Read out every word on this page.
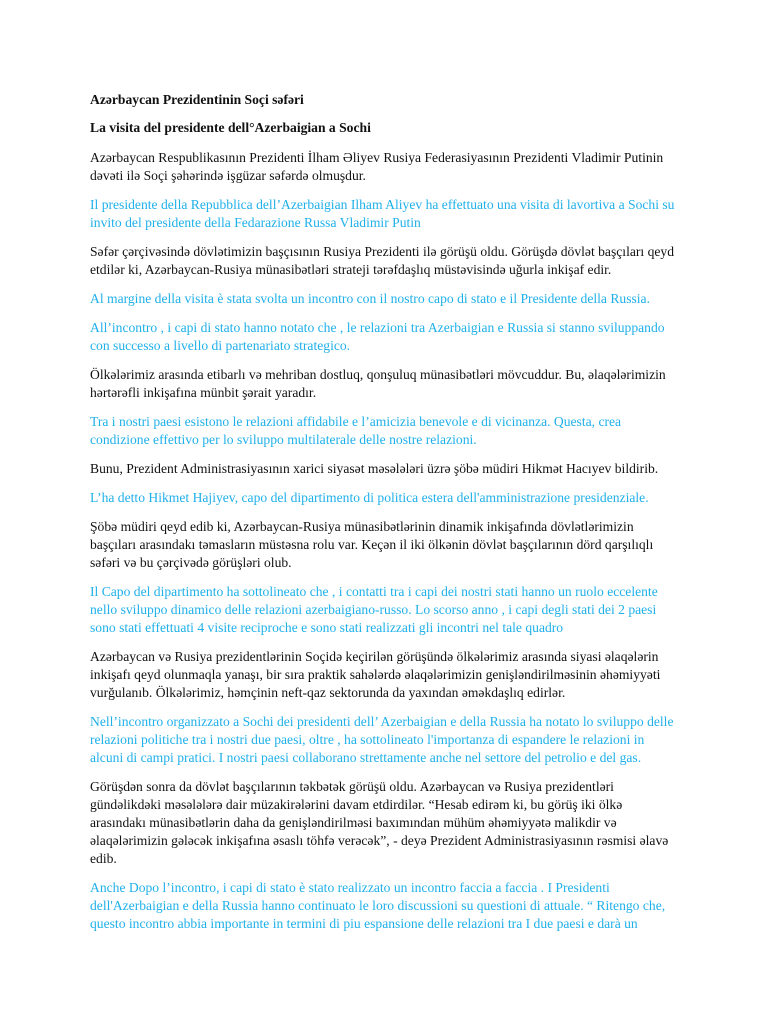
Azərbaycan Prezidentinin Soçi səfəri
La visita del presidente dell°Azerbaigian a Sochi

Azərbaycan Respublikasının Prezidenti İlham Əliyev Rusiya Federasiyasının Prezidenti Vladimir Putinin dəvəti ilə Soçi şəhərində işgüzar səfərdə olmuşdur.

Il presidente della Repubblica dell’Azerbaigian Ilham Aliyev ha effettuato una visita di lavortiva a Sochi su invito del presidente della Fedarazione Russa Vladimir Putin

Səfər çərçivəsində dövlətimizin başçısının Rusiya Prezidenti ilə görüşü oldu. Görüşdə dövlət başçıları qeyd etdilər ki, Azərbaycan-Rusiya münasibətləri strateji tərəfdaşlıq müstəvisində uğurla inkişaf edir.

Al margine della visita è stata svolta un incontro con il nostro capo di stato e il Presidente della Russia.

All’incontro , i capi di stato hanno notato che , le relazioni tra Azerbaigian e Russia si stanno sviluppando con successo a livello di partenariato strategico.

Ölkələrimiz arasında etibarlı və mehriban dostluq, qonşuluq münasibətləri mövcuddur. Bu, əlaqələrimizin hərtərəfli inkişafına münbit şərait yaradır.

Tra i nostri paesi esistono le relazioni affidabile e l’amicizia benevole e di vicinanza. Questa, crea condizione effettivo per lo sviluppo multilaterale delle nostre relazioni.

Bunu, Prezident Administrasiyasının xarici siyasət məsələləri üzrə şöbə müdiri Hikmət Hacıyev bildirib.

L’ha detto Hikmet Hajiyev, capo del dipartimento di politica estera dell'amministrazione presidenziale.

Şöbə müdiri qeyd edib ki, Azərbaycan-Rusiya münasibətlərinin dinamik inkişafında dövlətlərimizin başçıları arasındakı təmasların müstəsna rolu var. Keçən il iki ölkənin dövlət başçılarının dörd qarşılıqlı səfəri və bu çərçivədə görüşləri olub.

Il Capo del dipartimento ha sottolineato che , i contatti tra i capi dei nostri stati hanno un ruolo eccelente nello sviluppo dinamico delle relazioni azerbaigiano-russo. Lo scorso anno , i capi degli stati dei 2 paesi sono stati effettuati 4 visite reciproche e sono stati realizzati gli incontri nel tale quadro

Azərbaycan və Rusiya prezidentlərinin Soçidə keçirilən görüşündə ölkələrimiz arasında siyasi əlaqələrin inkişafı qeyd olunmaqla yanaşı, bir sıra praktik sahələrdə əlaqələrimizin genişləndirilməsinin əhəmiyyəti vurğulanıb. Ölkələrimiz, həmçinin neft-qaz sektorunda da yaxından əməkdaşlıq edirlər.

Nell’incontro organizzato a Sochi dei presidenti dell’ Azerbaigian e della Russia ha notato lo sviluppo delle relazioni politiche tra i nostri due paesi, oltre , ha sottolineato l'importanza di espandere le relazioni in alcuni di campi pratici. I nostri paesi collaborano strettamente anche nel settore del petrolio e del gas.

Görüşdən sonra da dövlət başçılarının təkbətək görüşü oldu. Azərbaycan və Rusiya prezidentləri gündəlikdəki məsələlərə dair müzakirələrini davam etdirdilər. “Hesab edirəm ki, bu görüş iki ölkə arasındakı münasibətlərin daha da genişləndirilməsi baxımından mühüm əhəmiyyətə malikdir və əlaqələrimizin gələcək inkişafına əsaslı töhfə verəcək”, - deyə Prezident Administrasiyasının rəsmisi əlavə edib.

Anche Dopo l’incontro, i capi di stato è stato realizzato un incontro faccia a faccia . I Presidenti dell'Azerbaigian e della Russia hanno continuato le loro discussioni su questioni di attuale. “ Ritengo che, questo incontro abbia importante in termini di piu espansione delle relazioni tra I due paesi e darà un
